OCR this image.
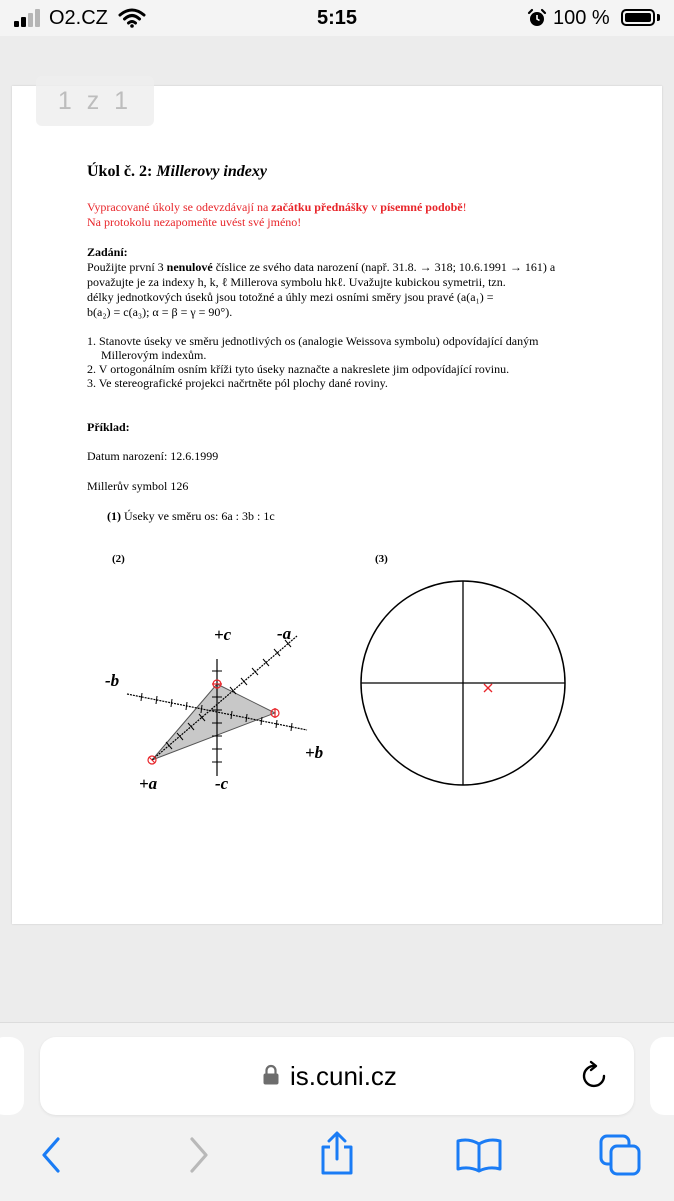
O2.CZ	5:15	100 %
1 z 1
Úkol č. 2: Millerovy indexy
Vypracované úkoly se odevzdávají na začátku přednášky v písemné podobě!
Na protokolu nezapomeňte uvést své jméno!
Zadání:
Použijte první 3 nenulové číslice ze svého data narození (např. 31.8. → 318; 10.6.1991 → 161) a
považujte je za indexy h, k, ℓ Millerova symbolu hkℓ. Uvažujte kubickou symetrii, tzn.
délky jednotkových úseků jsou totožné a úhly mezi osními směry jsou pravé (a(a₁) =
b(a₂) = c(a₃); α = β = γ = 90°).
1. Stanovte úseky ve směru jednotlivých os (analogie Weissova symbolu) odpovídající daným
Millerovým indexům.
2. V ortogonálním osním kříži tyto úseky naznačte a nakreslete jim odpovídající rovinu.
3. Ve stereografické projekci načrtněte pól plochy dané roviny.
Příklad:
Datum narození: 12.6.1999
Millerův symbol 126
(1) Úseky ve směru os: 6a : 3b : 1c
(2)	(3)
+c	-a
-b
+b
+a	-c
is.cuni.cz
